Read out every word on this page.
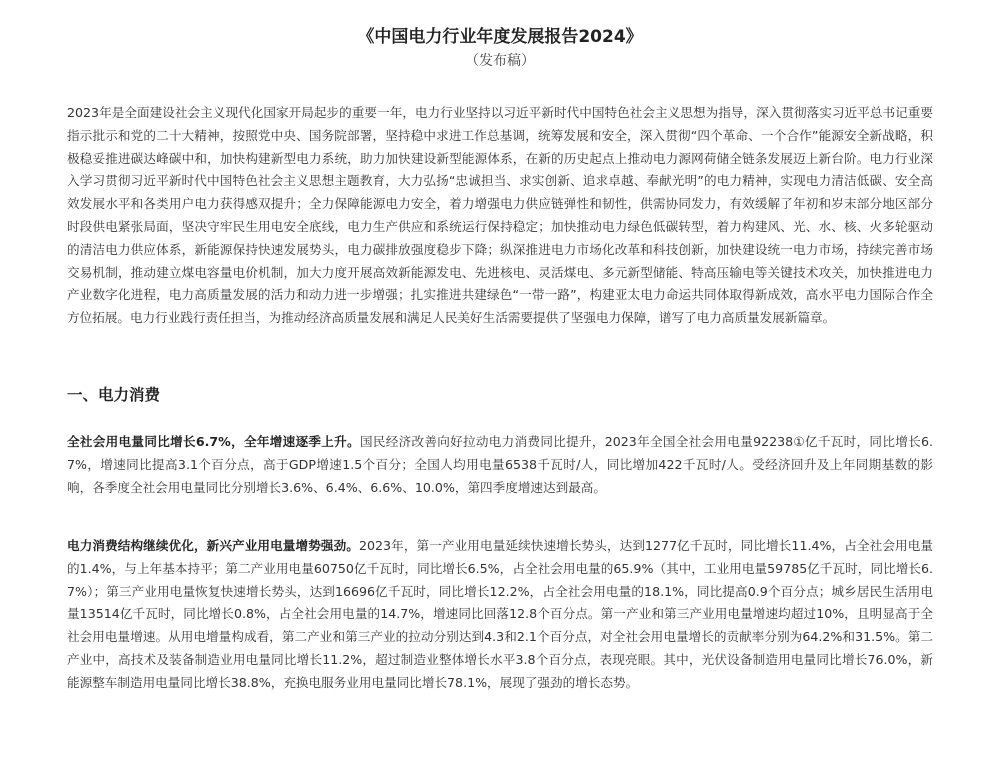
《中国电力行业年度发展报告2024》
（发布稿）

2023年是全面建设社会主义现代化国家开局起步的重要一年，电力行业坚持以习近平新时代中国特色社会主义思想为指导，深入贯彻落实习近平总书记重要指示批示和党的二十大精神，按照党中央、国务院部署，坚持稳中求进工作总基调，统筹发展和安全，深入贯彻“四个革命、一个合作”能源安全新战略，积极稳妥推进碳达峰碳中和，加快构建新型电力系统，助力加快建设新型能源体系，在新的历史起点上推动电力源网荷储全链条发展迈上新台阶。电力行业深入学习贯彻习近平新时代中国特色社会主义思想主题教育，大力弘扬“忠诚担当、求实创新、追求卓越、奉献光明”的电力精神，实现电力清洁低碳、安全高效发展水平和各类用户电力获得感双提升；全力保障能源电力安全，着力增强电力供应链弹性和韧性，供需协同发力，有效缓解了年初和岁末部分地区部分时段供电紧张局面，坚决守牢民生用电安全底线，电力生产供应和系统运行保持稳定；加快推动电力绿色低碳转型，着力构建风、光、水、核、火多轮驱动的清洁电力供应体系，新能源保持快速发展势头，电力碳排放强度稳步下降；纵深推进电力市场化改革和科技创新，加快建设统一电力市场，持续完善市场交易机制，推动建立煤电容量电价机制，加大力度开展高效新能源发电、先进核电、灵活煤电、多元新型储能、特高压输电等关键技术攻关，加快推进电力产业数字化进程，电力高质量发展的活力和动力进一步增强；扎实推进共建绿色“一带一路”，构建亚太电力命运共同体取得新成效，高水平电力国际合作全方位拓展。电力行业践行责任担当，为推动经济高质量发展和满足人民美好生活需要提供了坚强电力保障，谱写了电力高质量发展新篇章。

一、电力消费

全社会用电量同比增长6.7%，全年增速逐季上升。国民经济改善向好拉动电力消费同比提升，2023年全国全社会用电量92238①亿千瓦时，同比增长6.7%，增速同比提高3.1个百分点，高于GDP增速1.5个百分；全国人均用电量6538千瓦时/人，同比增加422千瓦时/人。受经济回升及上年同期基数的影响，各季度全社会用电量同比分别增长3.6%、6.4%、6.6%、10.0%，第四季度增速达到最高。

电力消费结构继续优化，新兴产业用电量增势强劲。2023年，第一产业用电量延续快速增长势头，达到1277亿千瓦时，同比增长11.4%，占全社会用电量的1.4%，与上年基本持平；第二产业用电量60750亿千瓦时，同比增长6.5%，占全社会用电量的65.9%（其中，工业用电量59785亿千瓦时，同比增长6.7%）；第三产业用电量恢复快速增长势头，达到16696亿千瓦时，同比增长12.2%，占全社会用电量的18.1%，同比提高0.9个百分点；城乡居民生活用电量13514亿千瓦时，同比增长0.8%，占全社会用电量的14.7%，增速同比回落12.8个百分点。第一产业和第三产业用电量增速均超过10%，且明显高于全社会用电量增速。从用电增量构成看，第二产业和第三产业的拉动分别达到4.3和2.1个百分点，对全社会用电量增长的贡献率分别为64.2%和31.5%。第二产业中，高技术及装备制造业用电量同比增长11.2%，超过制造业整体增长水平3.8个百分点，表现亮眼。其中，光伏设备制造用电量同比增长76.0%，新能源整车制造用电量同比增长38.8%，充换电服务业用电量同比增长78.1%，展现了强劲的增长态势。
